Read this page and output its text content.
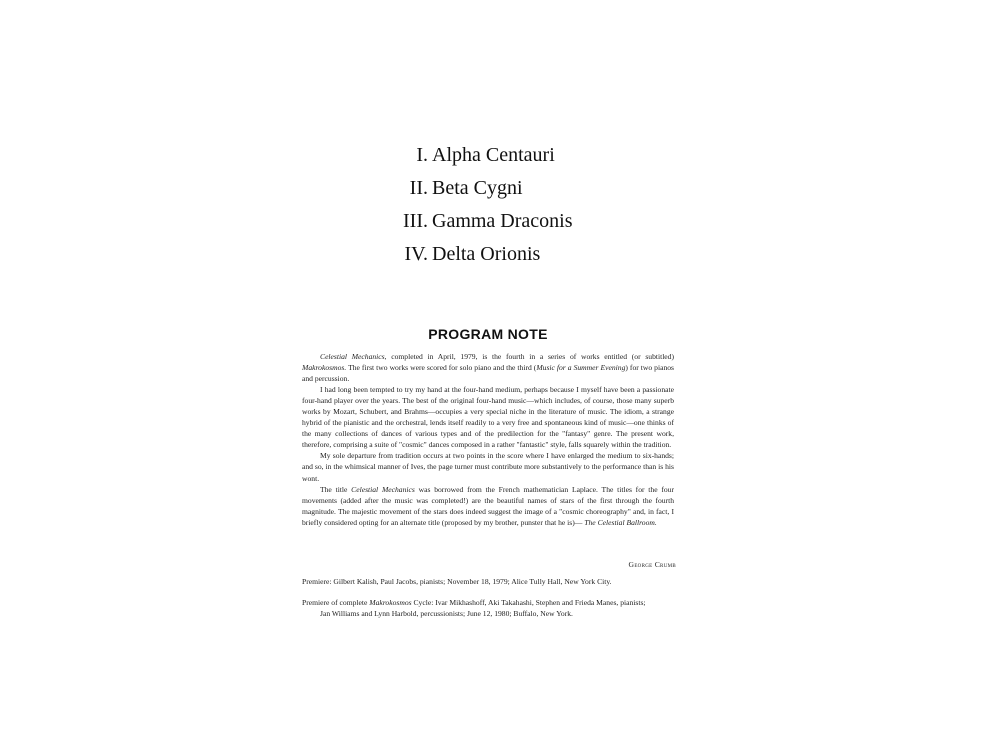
I. Alpha Centauri
II. Beta Cygni
III. Gamma Draconis
IV. Delta Orionis
PROGRAM NOTE

Celestial Mechanics, completed in April, 1979, is the fourth in a series of works entitled (or subtitled) Makrokosmos. The first two works were scored for solo piano and the third (Music for a Summer Evening) for two pianos and percussion.

I had long been tempted to try my hand at the four-hand medium, perhaps because I myself have been a passionate four-hand player over the years. The best of the original four-hand music—which includes, of course, those many superb works by Mozart, Schubert, and Brahms—occupies a very special niche in the literature of music. The idiom, a strange hybrid of the pianistic and the orchestral, lends itself readily to a very free and spontaneous kind of music—one thinks of the many collections of dances of various types and of the predilection for the "fantasy" genre. The present work, therefore, comprising a suite of "cosmic" dances composed in a rather "fantastic" style, falls squarely within the tradition.

My sole departure from tradition occurs at two points in the score where I have enlarged the medium to six-hands; and so, in the whimsical manner of Ives, the page turner must contribute more substantively to the performance than is his wont.

The title Celestial Mechanics was borrowed from the French mathematician Laplace. The titles for the four movements (added after the music was completed!) are the beautiful names of stars of the first through the fourth magnitude. The majestic movement of the stars does indeed suggest the image of a "cosmic choreography" and, in fact, I briefly considered opting for an alternate title (proposed by my brother, punster that he is)— The Celestial Ballroom.

George Crumb
Premiere: Gilbert Kalish, Paul Jacobs, pianists; November 18, 1979; Alice Tully Hall, New York City.
Premiere of complete Makrokosmos Cycle: Ivar Mikhashoff, Aki Takahashi, Stephen and Frieda Manes, pianists;
Jan Williams and Lynn Harbold, percussionists; June 12, 1980; Buffalo, New York.
